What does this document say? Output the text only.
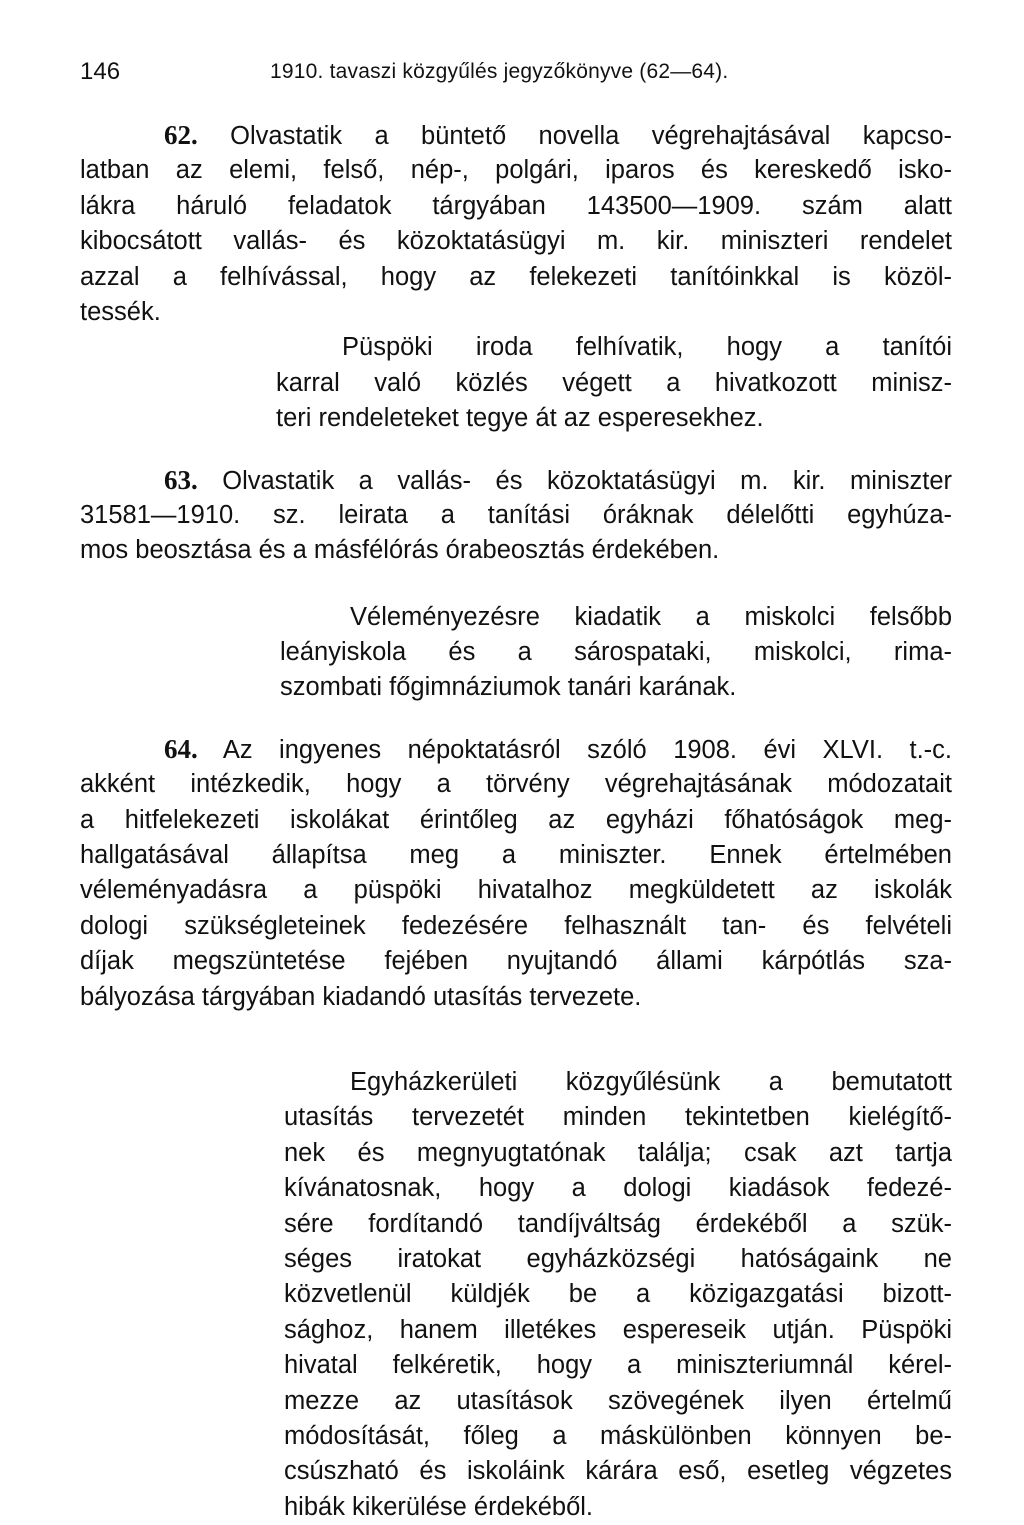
146	1910. tavaszi közgyűlés jegyzőkönyve (62—64).
62. Olvastatik a büntető novella végrehajtásával kapcso-
latban az elemi, felső, nép-, polgári, iparos és kereskedő isko-
lákra háruló feladatok tárgyában 143500—1909. szám alatt
kibocsátott vallás- és közoktatásügyi m. kir. miniszteri rendelet
azzal a felhívással, hogy az felekezeti tanítóinkkal is közöl-
tessék.
Püspöki iroda felhívatik, hogy a tanítói
karral való közlés végett a hivatkozott minisz-
teri rendeleteket tegye át az esperesekhez.
63. Olvastatik a vallás- és közoktatásügyi m. kir. miniszter
31581—1910. sz. leirata a tanítási óráknak délelőtti egyhúza-
mos beosztása és a másfélórás órabeosztás érdekében.
Véleményezésre kiadatik a miskolci felsőbb
leányiskola és a sárospataki, miskolci, rima-
szombati főgimnáziumok tanári karának.
64. Az ingyenes népoktatásról szóló 1908. évi XLVI. t.-c.
akként intézkedik, hogy a törvény végrehajtásának módozatait
a hitfelekezeti iskolákat érintőleg az egyházi főhatóságok meg-
hallgatásával állapítsa meg a miniszter. Ennek értelmében
véleményadásra a püspöki hivatalhoz megküldetett az iskolák
dologi szükségleteinek fedezésére felhasznált tan- és felvételi
díjak megszüntetése fejében nyujtandó állami kárpótlás sza-
bályozása tárgyában kiadandó utasítás tervezete.
Egyházkerületi közgyűlésünk a bemutatott
utasítás tervezetét minden tekintetben kielégítő-
nek és megnyugtatónak találja; csak azt tartja
kívánatosnak, hogy a dologi kiadások fedezé-
sére fordítandó tandíjváltság érdekéből a szük-
séges iratokat egyházközségi hatóságaink ne
közvetlenül küldjék be a közigazgatási bizott-
sághoz, hanem illetékes espereseik utján. Püspöki
hivatal felkéretik, hogy a miniszteriumnál kérel-
mezze az utasítások szövegének ilyen értelmű
módosítását, főleg a máskülönben könnyen be-
csúszható és iskoláink kárára eső, esetleg végzetes
hibák kikerülése érdekéből.
